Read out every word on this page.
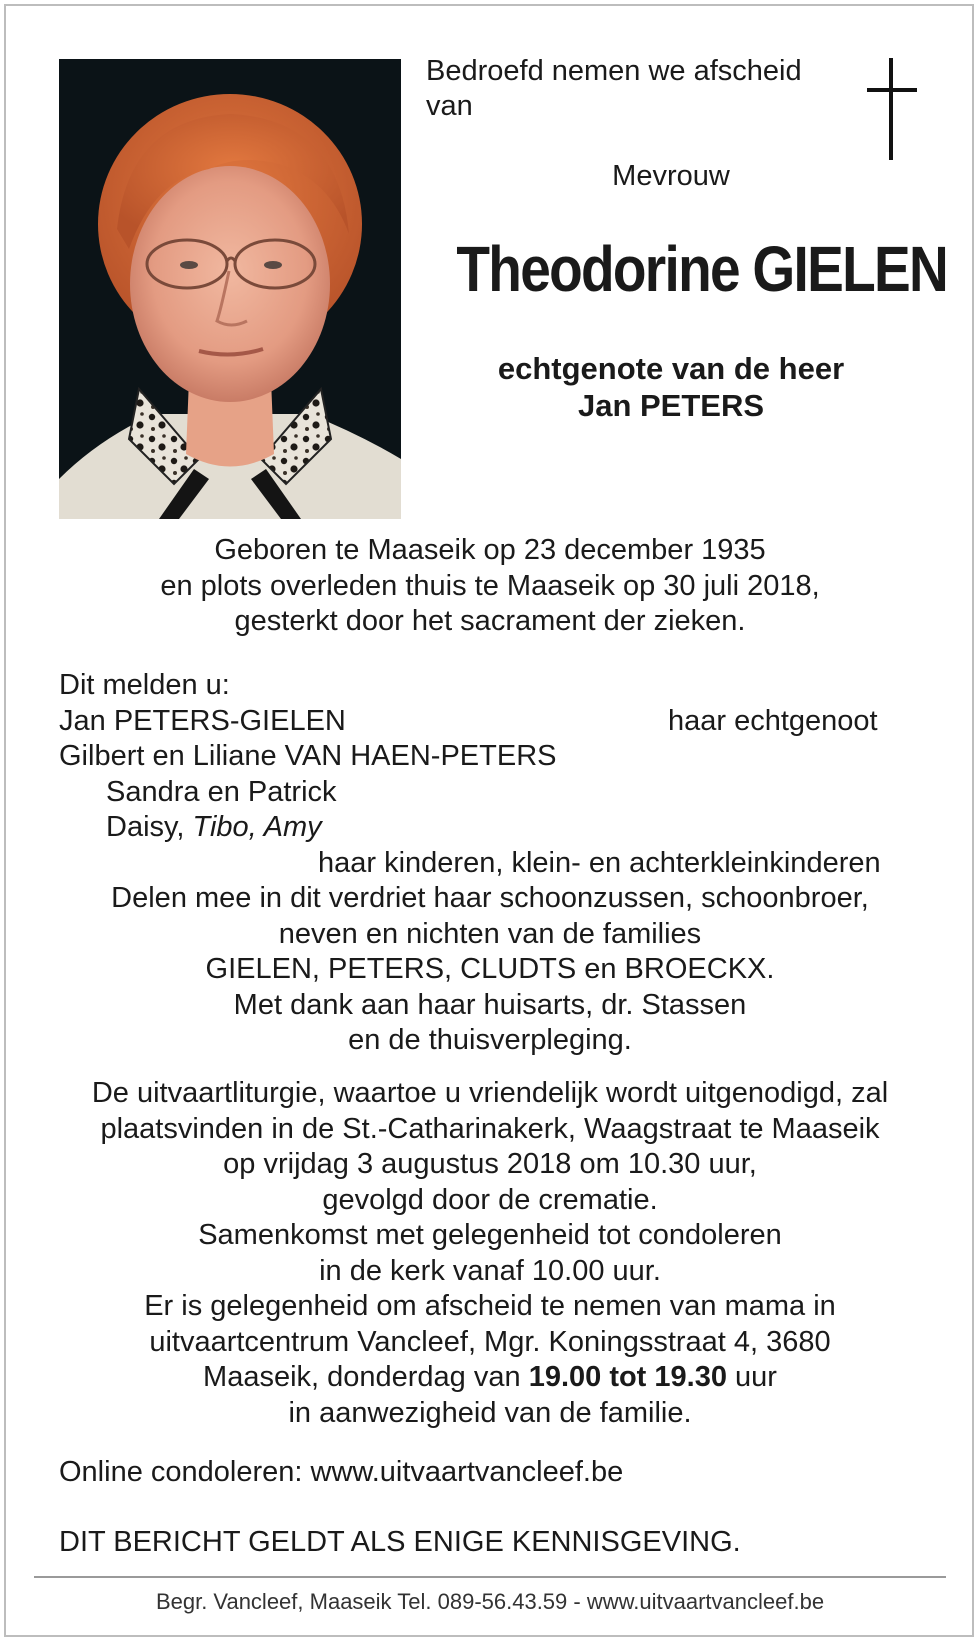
Bedroefd nemen we afscheid
van
Mevrouw
Theodorine GIELEN
echtgenote van de heer
Jan PETERS
Geboren te Maaseik op 23 december 1935
en plots overleden thuis te Maaseik op 30 juli 2018,
gesterkt door het sacrament der zieken.
Dit melden u:
Jan PETERS-GIELEN	haar echtgenoot
Gilbert en Liliane VAN HAEN-PETERS
Sandra en Patrick
Daisy, Tibo, Amy
haar kinderen, klein- en achterkleinkinderen
Delen mee in dit verdriet haar schoonzussen, schoonbroer,
neven en nichten van de families
GIELEN, PETERS, CLUDTS en BROECKX.
Met dank aan haar huisarts, dr. Stassen
en de thuisverpleging.
De uitvaartliturgie, waartoe u vriendelijk wordt uitgenodigd, zal
plaatsvinden in de St.-Catharinakerk, Waagstraat te Maaseik
op vrijdag 3 augustus 2018 om 10.30 uur,
gevolgd door de crematie.
Samenkomst met gelegenheid tot condoleren
in de kerk vanaf 10.00 uur.
Er is gelegenheid om afscheid te nemen van mama in
uitvaartcentrum Vancleef, Mgr. Koningsstraat 4, 3680
Maaseik, donderdag van 19.00 tot 19.30 uur
in aanwezigheid van de familie.
Online condoleren: www.uitvaartvancleef.be
DIT BERICHT GELDT ALS ENIGE KENNISGEVING.
Begr. Vancleef, Maaseik Tel. 089-56.43.59 - www.uitvaartvancleef.be
